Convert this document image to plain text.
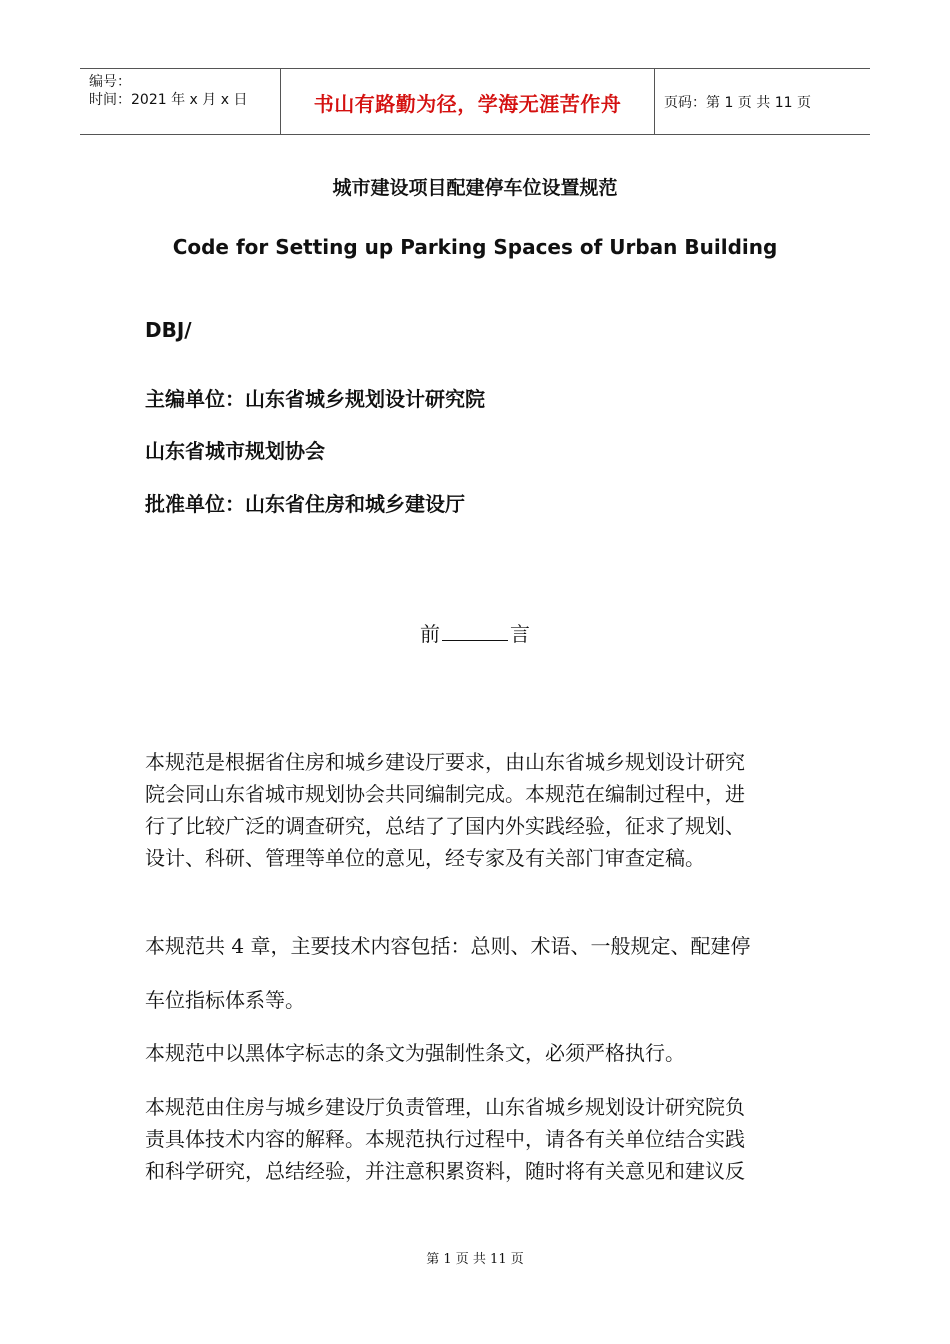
编号：
时间：2021 年 x 月 x 日	书山有路勤为径，学海无涯苦作舟	页码：第 1 页 共 11 页
城市建设项目配建停车位设置规范
Code for Setting up Parking Spaces of Urban Building
DBJ/
主编单位：山东省城乡规划设计研究院
山东省城市规划协会
批准单位：山东省住房和城乡建设厅
前	言
本规范是根据省住房和城乡建设厅要求，由山东省城乡规划设计研究
院会同山东省城市规划协会共同编制完成。本规范在编制过程中，进
行了比较广泛的调查研究，总结了了国内外实践经验，征求了规划、
设计、科研、管理等单位的意见，经专家及有关部门审查定稿。
本规范共 4 章，主要技术内容包括：总则、术语、一般规定、配建停
车位指标体系等。
本规范中以黑体字标志的条文为强制性条文，必须严格执行。
本规范由住房与城乡建设厅负责管理，山东省城乡规划设计研究院负
责具体技术内容的解释。本规范执行过程中，请各有关单位结合实践
和科学研究，总结经验，并注意积累资料，随时将有关意见和建议反
第 1 页 共 11 页
